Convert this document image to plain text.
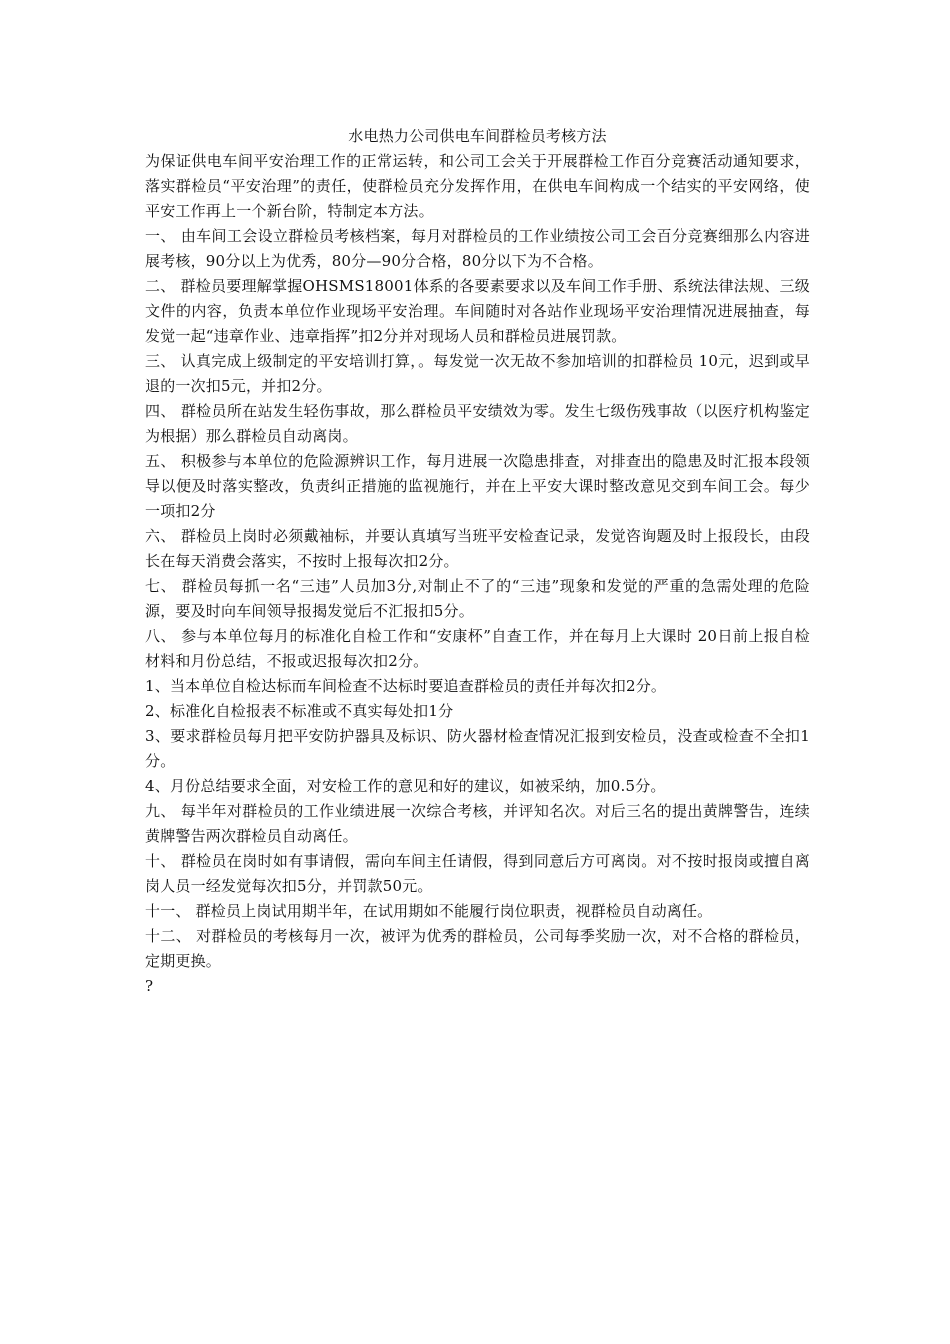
水电热力公司供电车间群检员考核方法

为保证供电车间平安治理工作的正常运转，和公司工会关于开展群检工作百分竞赛活动通知要求，落实群检员“平安治理”的责任，使群检员充分发挥作用，在供电车间构成一个结实的平安网络，使平安工作再上一个新台阶，特制定本方法。

一、 由车间工会设立群检员考核档案，每月对群检员的工作业绩按公司工会百分竞赛细那么内容进展考核，90分以上为优秀，80分—90分合格，80分以下为不合格。

二、 群检员要理解掌握OHSMS18001体系的各要素要求以及车间工作手册、系统法律法规、三级文件的内容，负责本单位作业现场平安治理。车间随时对各站作业现场平安治理情况进展抽查，每发觉一起“违章作业、违章指挥”扣2分并对现场人员和群检员进展罚款。

三、 认真完成上级制定的平安培训打算，。每发觉一次无故不参加培训的扣群检员 10元，迟到或早退的一次扣5元，并扣2分。

四、 群检员所在站发生轻伤事故，那么群检员平安绩效为零。发生七级伤残事故（以医疗机构鉴定为根据）那么群检员自动离岗。

五、 积极参与本单位的危险源辨识工作，每月进展一次隐患排查，对排查出的隐患及时汇报本段领导以便及时落实整改，负责纠正措施的监视施行，并在上平安大课时整改意见交到车间工会。每少一项扣2分

六、 群检员上岗时必须戴袖标，并要认真填写当班平安检查记录，发觉咨询题及时上报段长，由段长在每天消费会落实，不按时上报每次扣2分。

七、 群检员每抓一名“三违”人员加3分,对制止不了的“三违”现象和发觉的严重的急需处理的危险源，要及时向车间领导报揭发觉后不汇报扣5分。

八、 参与本单位每月的标准化自检工作和“安康杯”自查工作，并在每月上大课时 20日前上报自检材料和月份总结，不报或迟报每次扣2分。

1、当本单位自检达标而车间检查不达标时要追查群检员的责任并每次扣2分。

2、标准化自检报表不标准或不真实每处扣1分

3、要求群检员每月把平安防护器具及标识、防火器材检查情况汇报到安检员，没查或检查不全扣1分。

4、月份总结要求全面，对安检工作的意见和好的建议，如被采纳，加0.5分。

九、 每半年对群检员的工作业绩进展一次综合考核，并评知名次。对后三名的提出黄牌警告，连续黄牌警告两次群检员自动离任。

十、 群检员在岗时如有事请假，需向车间主任请假，得到同意后方可离岗。对不按时报岗或擅自离岗人员一经发觉每次扣5分，并罚款50元。

十一、 群检员上岗试用期半年，在试用期如不能履行岗位职责，视群检员自动离任。

十二、 对群检员的考核每月一次，被评为优秀的群检员，公司每季奖励一次，对不合格的群检员，定期更换。

?
